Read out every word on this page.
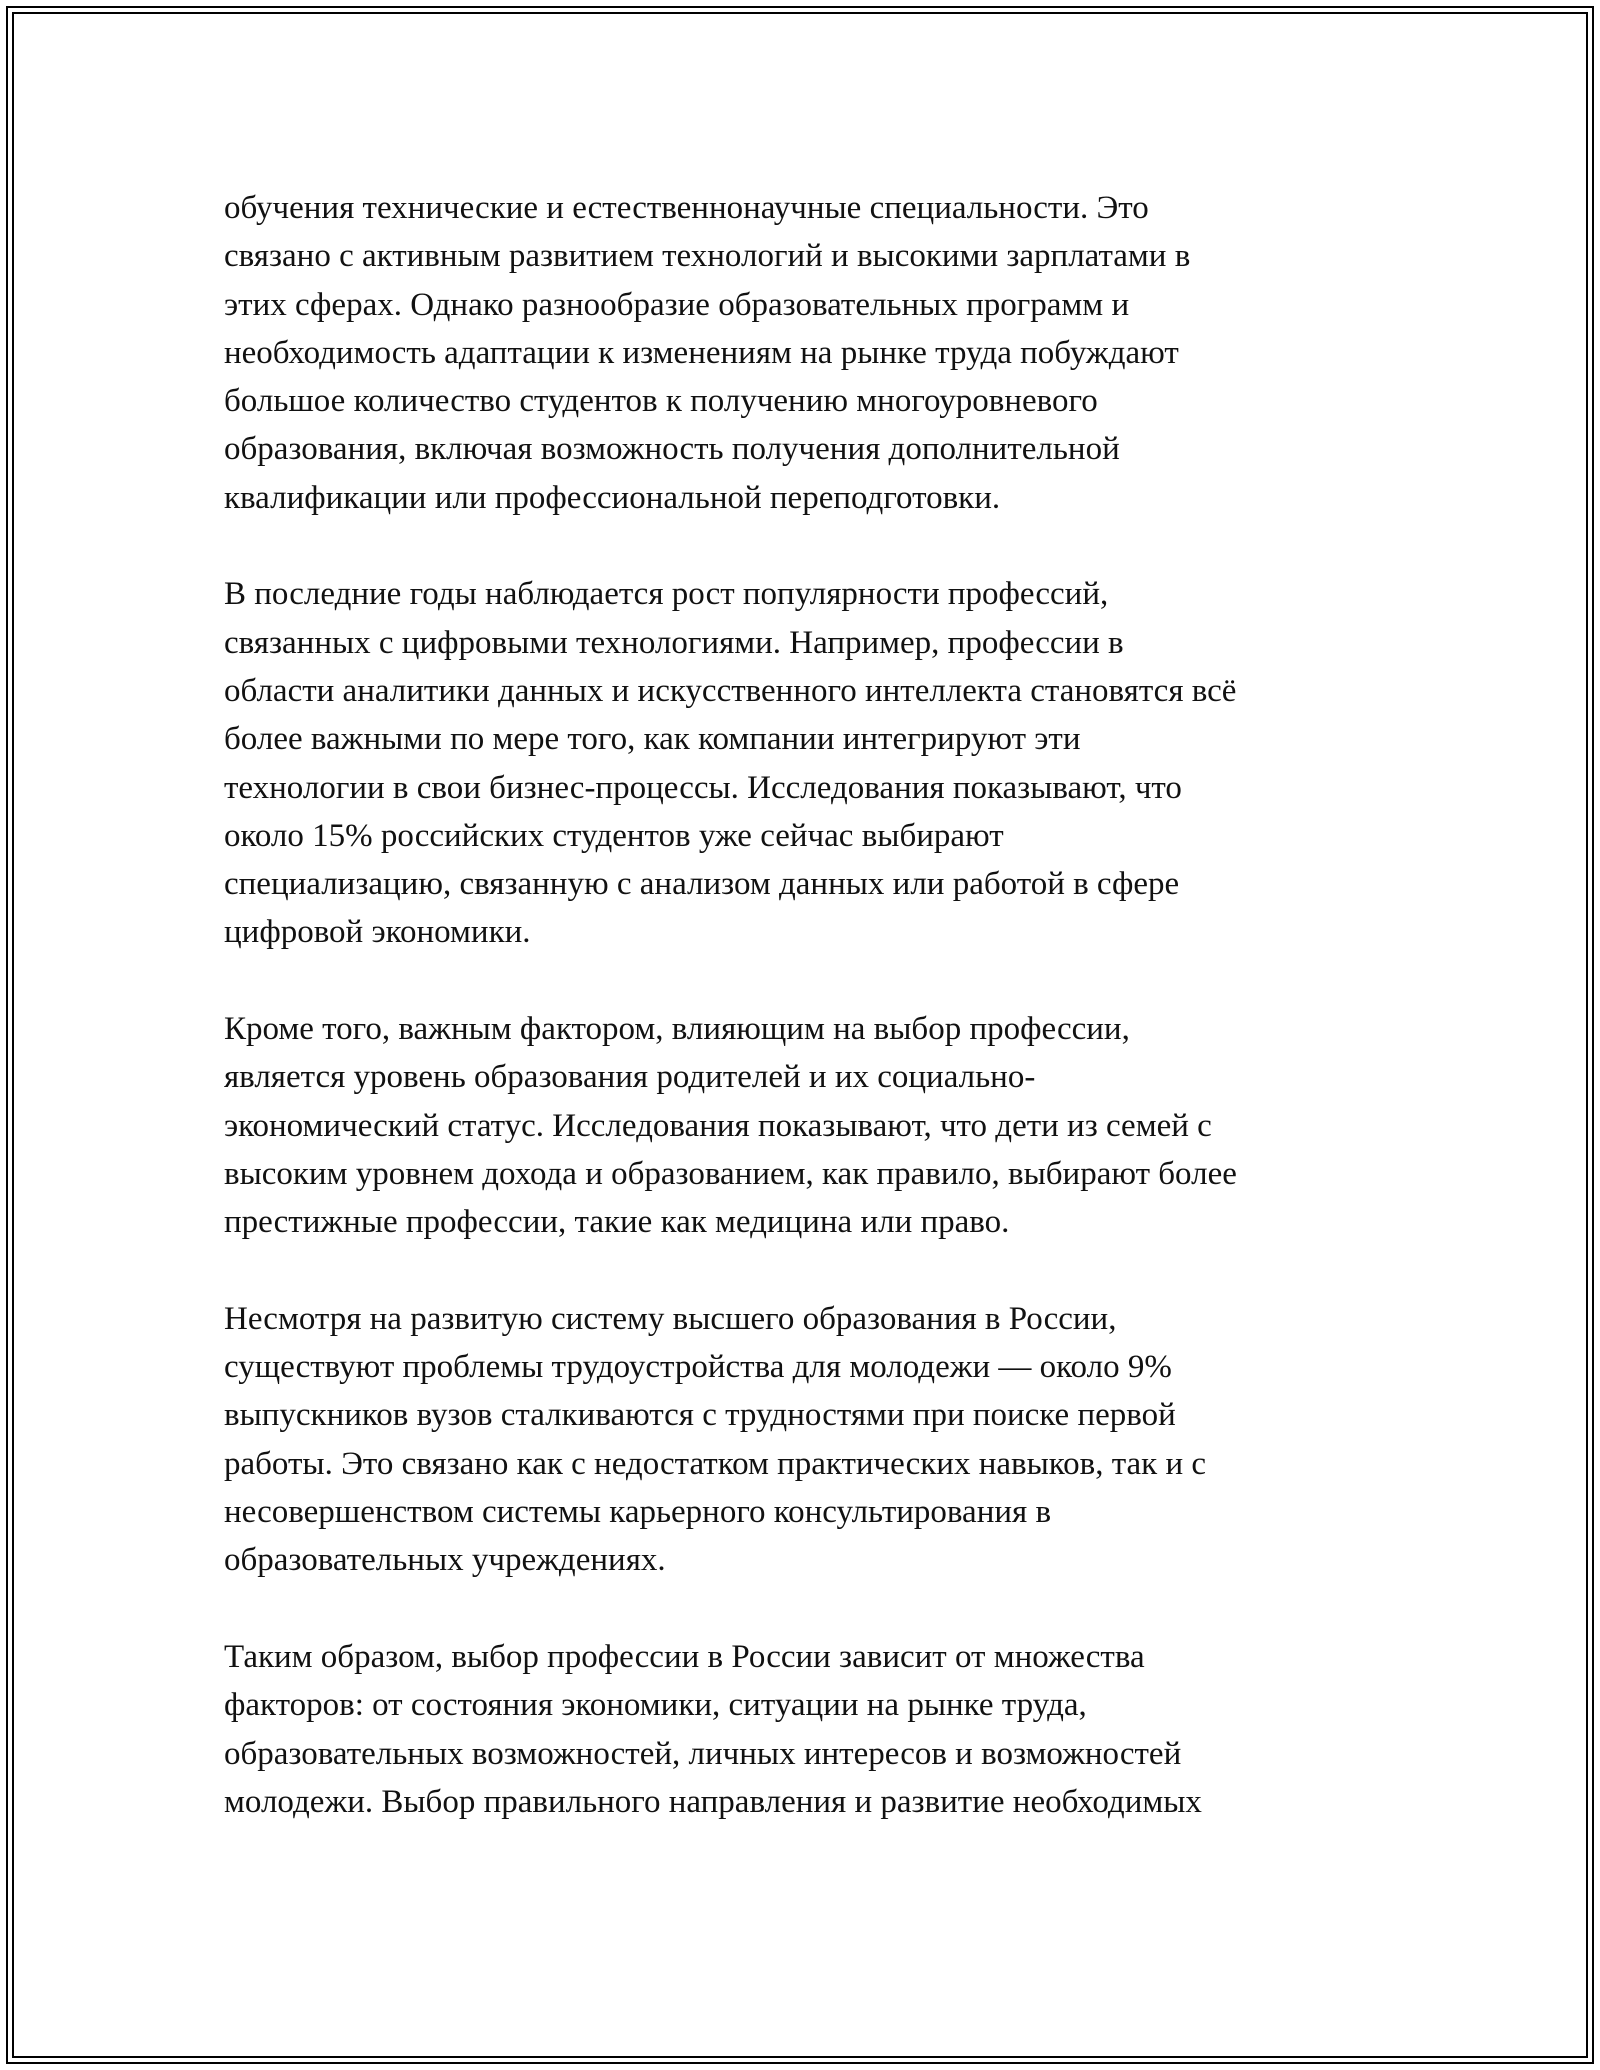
обучения технические и естественнонаучные специальности. Это
связано с активным развитием технологий и высокими зарплатами в
этих сферах. Однако разнообразие образовательных программ и
необходимость адаптации к изменениям на рынке труда побуждают
большое количество студентов к получению многоуровневого
образования, включая возможность получения дополнительной
квалификации или профессиональной переподготовки.

В последние годы наблюдается рост популярности профессий,
связанных с цифровыми технологиями. Например, профессии в
области аналитики данных и искусственного интеллекта становятся всё
более важными по мере того, как компании интегрируют эти
технологии в свои бизнес-процессы. Исследования показывают, что
около 15% российских студентов уже сейчас выбирают
специализацию, связанную с анализом данных или работой в сфере
цифровой экономики.

Кроме того, важным фактором, влияющим на выбор профессии,
является уровень образования родителей и их социально-
экономический статус. Исследования показывают, что дети из семей с
высоким уровнем дохода и образованием, как правило, выбирают более
престижные профессии, такие как медицина или право.

Несмотря на развитую систему высшего образования в России,
существуют проблемы трудоустройства для молодежи — около 9%
выпускников вузов сталкиваются с трудностями при поиске первой
работы. Это связано как с недостатком практических навыков, так и с
несовершенством системы карьерного консультирования в
образовательных учреждениях.

Таким образом, выбор профессии в России зависит от множества
факторов: от состояния экономики, ситуации на рынке труда,
образовательных возможностей, личных интересов и возможностей
молодежи. Выбор правильного направления и развитие необходимых
